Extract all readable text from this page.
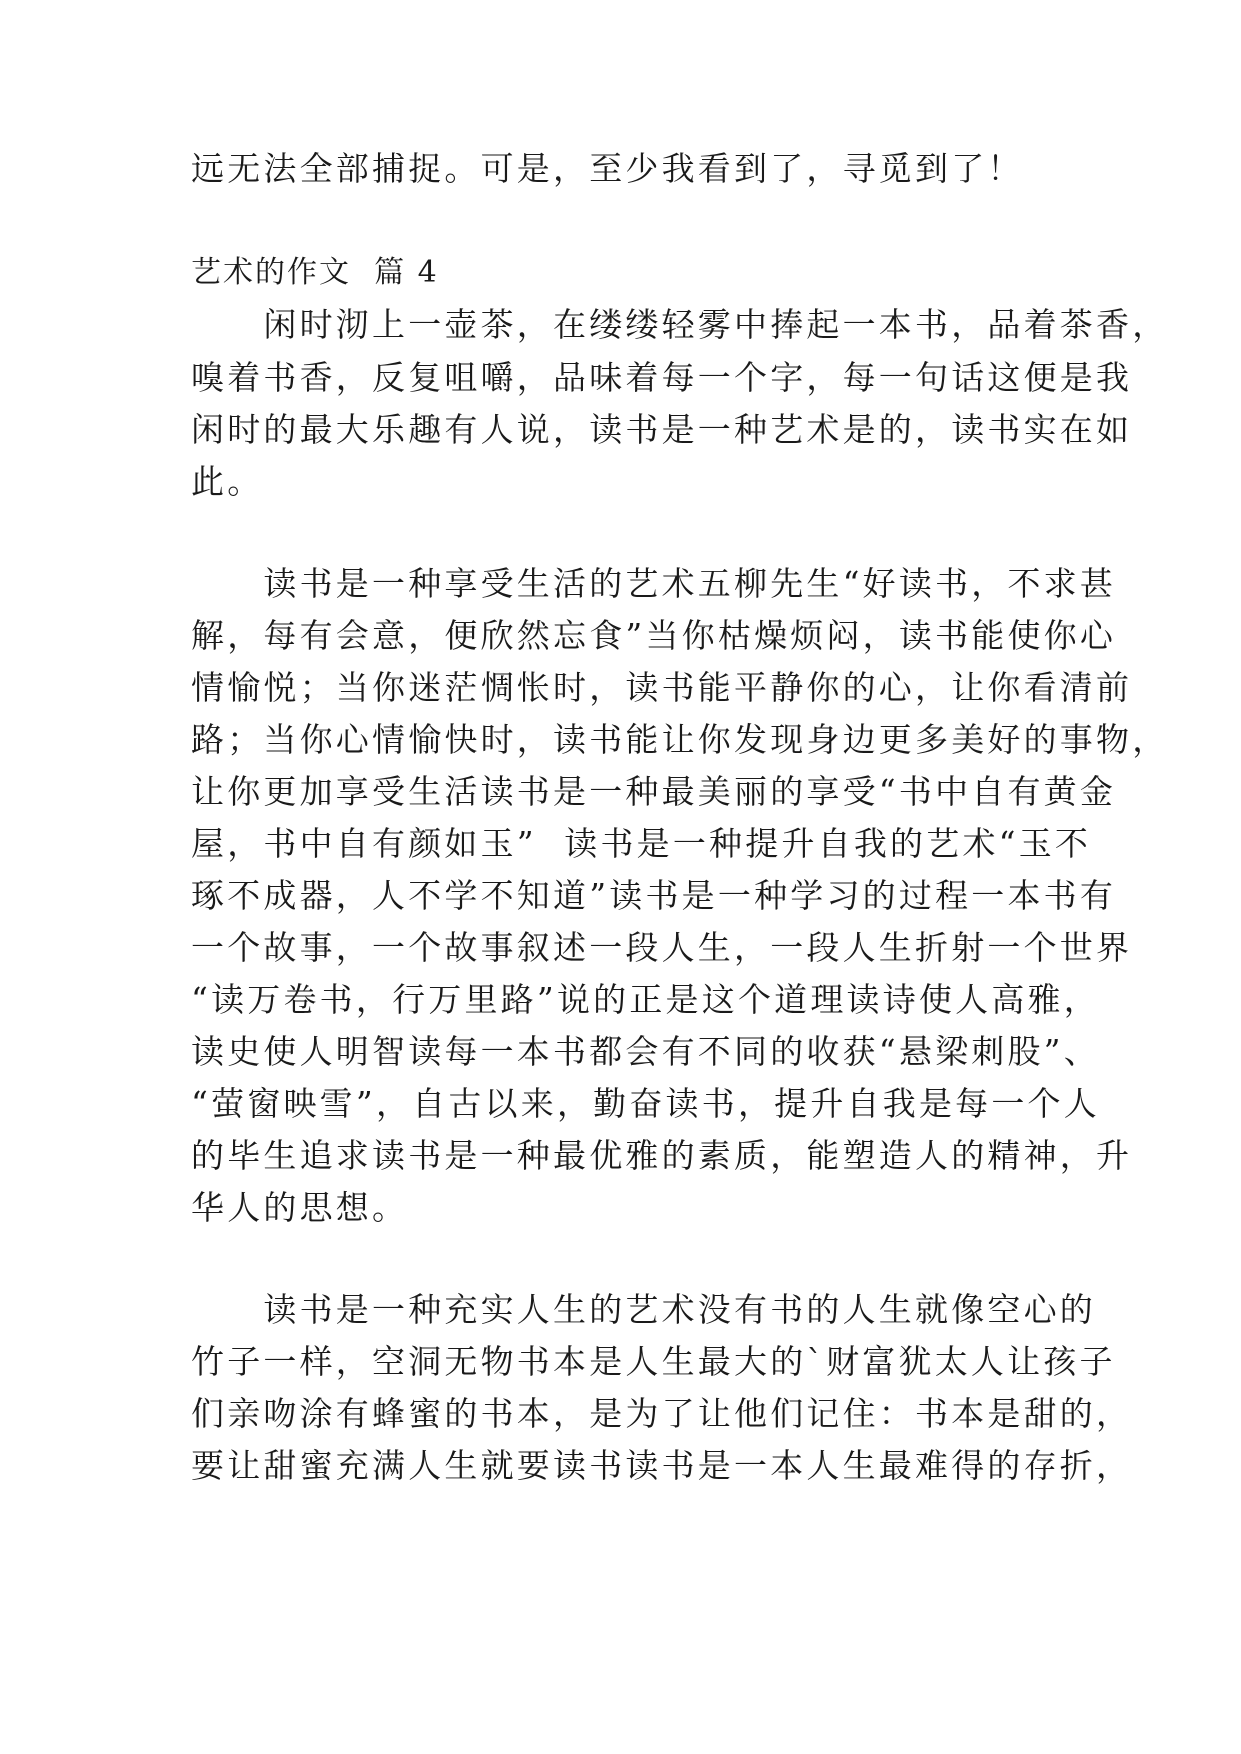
远无法全部捕捉。可是，至少我看到了，寻觅到了！
艺术的作文  篇 4
　　闲时沏上一壶茶，在缕缕轻雾中捧起一本书，品着茶香，
嗅着书香，反复咀嚼，品味着每一个字，每一句话这便是我
闲时的最大乐趣有人说，读书是一种艺术是的，读书实在如
此。
　　读书是一种享受生活的艺术五柳先生“好读书，不求甚
解，每有会意，便欣然忘食”当你枯燥烦闷，读书能使你心
情愉悦；当你迷茫惆怅时，读书能平静你的心，让你看清前
路；当你心情愉快时，读书能让你发现身边更多美好的事物，
让你更加享受生活读书是一种最美丽的享受“书中自有黄金
屋，书中自有颜如玉”  读书是一种提升自我的艺术“玉不
琢不成器，人不学不知道”读书是一种学习的过程一本书有
一个故事，一个故事叙述一段人生，一段人生折射一个世界
“读万卷书，行万里路”说的正是这个道理读诗使人高雅，
读史使人明智读每一本书都会有不同的收获“悬梁刺股”、
“萤窗映雪”，自古以来，勤奋读书，提升自我是每一个人
的毕生追求读书是一种最优雅的素质，能塑造人的精神，升
华人的思想。
　　读书是一种充实人生的艺术没有书的人生就像空心的
竹子一样，空洞无物书本是人生最大的`财富犹太人让孩子
们亲吻涂有蜂蜜的书本，是为了让他们记住：书本是甜的，
要让甜蜜充满人生就要读书读书是一本人生最难得的存折，
